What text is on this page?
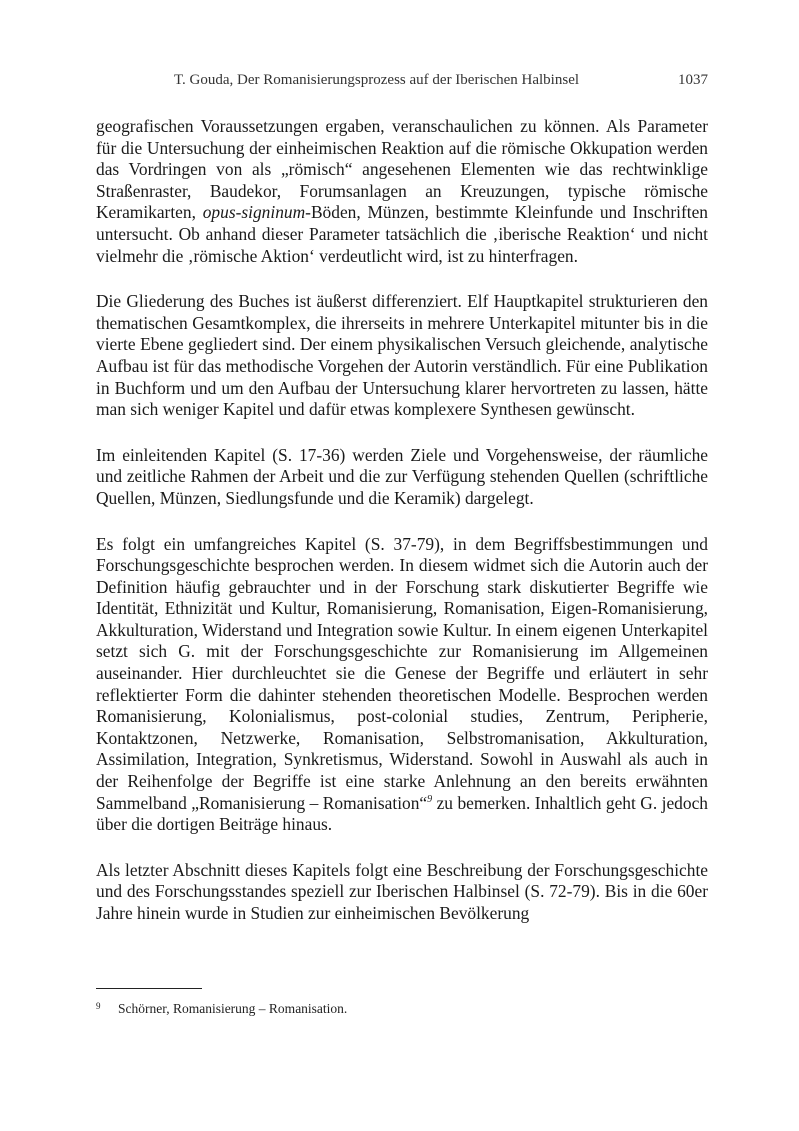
T. Gouda, Der Romanisierungsprozess auf der Iberischen Halbinsel	1037

geografischen Voraussetzungen ergaben, veranschaulichen zu können. Als Parameter für die Untersuchung der einheimischen Reaktion auf die römische Okkupation werden das Vordringen von als „römisch“ angesehenen Elementen wie das rechtwinklige Straßenraster, Baudekor, Forumsanlagen an Kreuzungen, typische römische Keramikarten, opus-signinum-Böden, Münzen, bestimmte Kleinfunde und Inschriften untersucht. Ob anhand dieser Parameter tatsächlich die ‚iberische Reaktion‘ und nicht vielmehr die ‚römische Aktion‘ verdeutlicht wird, ist zu hinterfragen.

Die Gliederung des Buches ist äußerst differenziert. Elf Hauptkapitel strukturieren den thematischen Gesamtkomplex, die ihrerseits in mehrere Unterkapitel mitunter bis in die vierte Ebene gegliedert sind. Der einem physikalischen Versuch gleichende, analytische Aufbau ist für das methodische Vorgehen der Autorin verständlich. Für eine Publikation in Buchform und um den Aufbau der Untersuchung klarer hervortreten zu lassen, hätte man sich weniger Kapitel und dafür etwas komplexere Synthesen gewünscht.

Im einleitenden Kapitel (S. 17-36) werden Ziele und Vorgehensweise, der räumliche und zeitliche Rahmen der Arbeit und die zur Verfügung stehenden Quellen (schriftliche Quellen, Münzen, Siedlungsfunde und die Keramik) dargelegt.

Es folgt ein umfangreiches Kapitel (S. 37-79), in dem Begriffsbestimmungen und Forschungsgeschichte besprochen werden. In diesem widmet sich die Autorin auch der Definition häufig gebrauchter und in der Forschung stark diskutierter Begriffe wie Identität, Ethnizität und Kultur, Romanisierung, Romanisation, Eigen-Romanisierung, Akkulturation, Widerstand und Integration sowie Kultur. In einem eigenen Unterkapitel setzt sich G. mit der Forschungsgeschichte zur Romanisierung im Allgemeinen auseinander. Hier durchleuchtet sie die Genese der Begriffe und erläutert in sehr reflektierter Form die dahinter stehenden theoretischen Modelle. Besprochen werden Romanisierung, Kolonialismus, post-colonial studies, Zentrum, Peripherie, Kontaktzonen, Netzwerke, Romanisation, Selbstromanisation, Akkulturation, Assimilation, Integration, Synkretismus, Widerstand. Sowohl in Auswahl als auch in der Reihenfolge der Begriffe ist eine starke Anlehnung an den bereits erwähnten Sammelband „Romanisierung – Romanisation“$^9$ zu bemerken. Inhaltlich geht G. jedoch über die dortigen Beiträge hinaus.

Als letzter Abschnitt dieses Kapitels folgt eine Beschreibung der Forschungsgeschichte und des Forschungsstandes speziell zur Iberischen Halbinsel (S. 72-79). Bis in die 60er Jahre hinein wurde in Studien zur einheimischen Bevölkerung

9 Schörner, Romanisierung – Romanisation.
